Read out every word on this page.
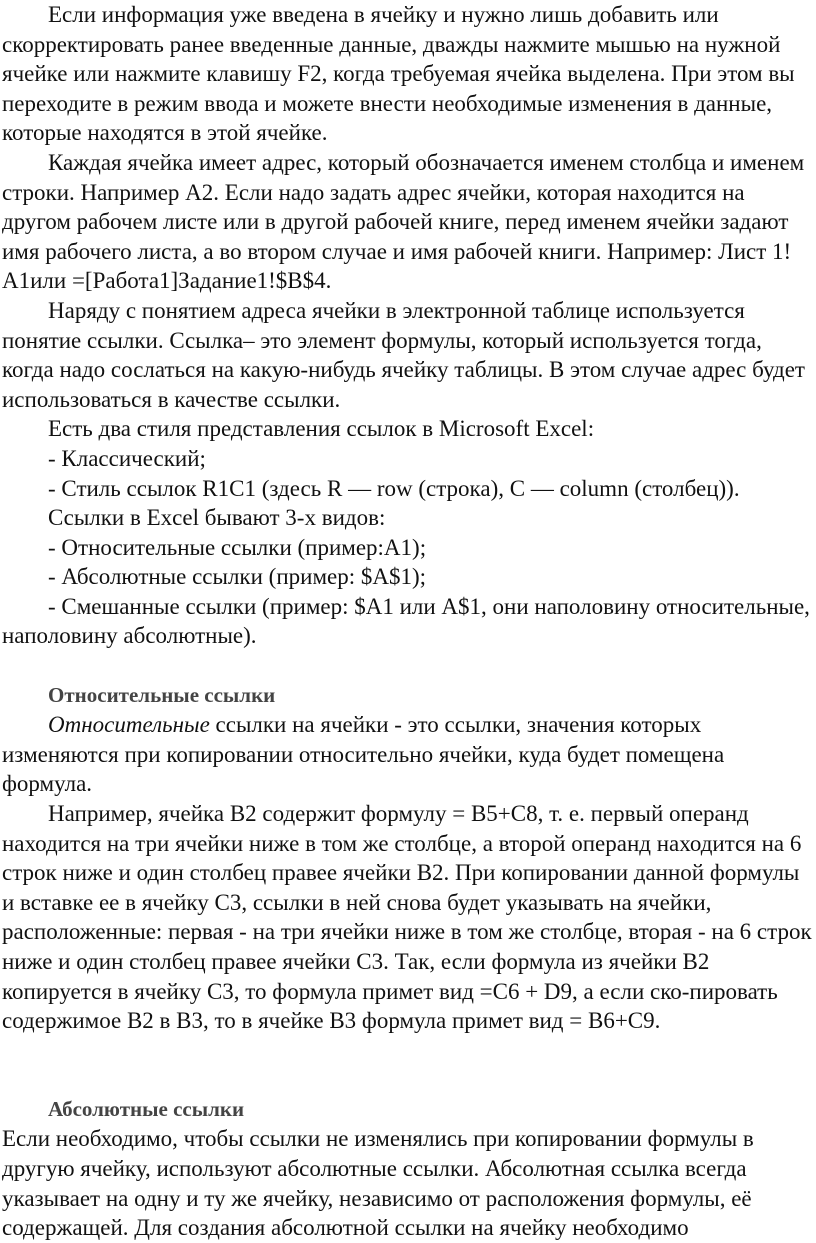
Если информация уже введена в ячейку и нужно лишь добавить или скорректировать ранее введенные данные, дважды нажмите мышью на нужной ячейке или нажмите клавишу F2, когда требуемая ячейка выделена. При этом вы переходите в режим ввода и можете внести необходимые изменения в данные, которые находятся в этой ячейке.

Каждая ячейка имеет адрес, который обозначается именем столбца и именем строки. Например А2. Если надо задать адрес ячейки, которая находится на другом рабочем листе или в другой рабочей книге, перед именем ячейки задают имя рабочего листа, а во втором случае и имя рабочей книги. Например: Лист 1!А1или =[Работа1]Задание1!$B$4.

Наряду с понятием адреса ячейки в электронной таблице используется понятие ссылки. Ссылка– это элемент формулы, который используется тогда, когда надо сослаться на какую-нибудь ячейку таблицы. В этом случае адрес будет использоваться в качестве ссылки.

Есть два стиля представления ссылок в Microsoft Excel:

- Классический;

- Стиль ссылок R1C1 (здесь R — row (строка), C — column (столбец)).

Ссылки в Excel бывают 3-х видов:

- Относительные ссылки (пример:A1);

- Абсолютные ссылки (пример: $A$1);

- Смешанные ссылки (пример: $A1 или A$1, они наполовину относительные, наполовину абсолютные).

Относительные ссылки

Относительные ссылки на ячейки - это ссылки, значения которых изменяются при копировании относительно ячейки, куда будет помещена формула.

Например, ячейка В2 содержит формулу = В5+С8, т. е. первый операнд находится на три ячейки ниже в том же столбце, а второй операнд находится на 6 строк ниже и один столбец правее ячейки В2. При копировании данной формулы и вставке ее в ячейку С3, ссылки в ней снова будет указывать на ячейки, расположенные: первая - на три ячейки ниже в том же столбце, вторая - на 6 строк ниже и один столбец правее ячейки С3. Так, если формула из ячейки В2 копируется в ячейку С3, то формула примет вид =С6 + D9, а если ско-пировать содержимое В2 в В3, то в ячейке В3 формула примет вид = В6+С9.

Абсолютные ссылки

Если необходимо, чтобы ссылки не изменялись при копировании формулы в другую ячейку, используют абсолютные ссылки. Абсолютная ссылка всегда указывает на одну и ту же ячейку, независимо от расположения формулы, её содержащей. Для создания абсолютной ссылки на ячейку необходимо
